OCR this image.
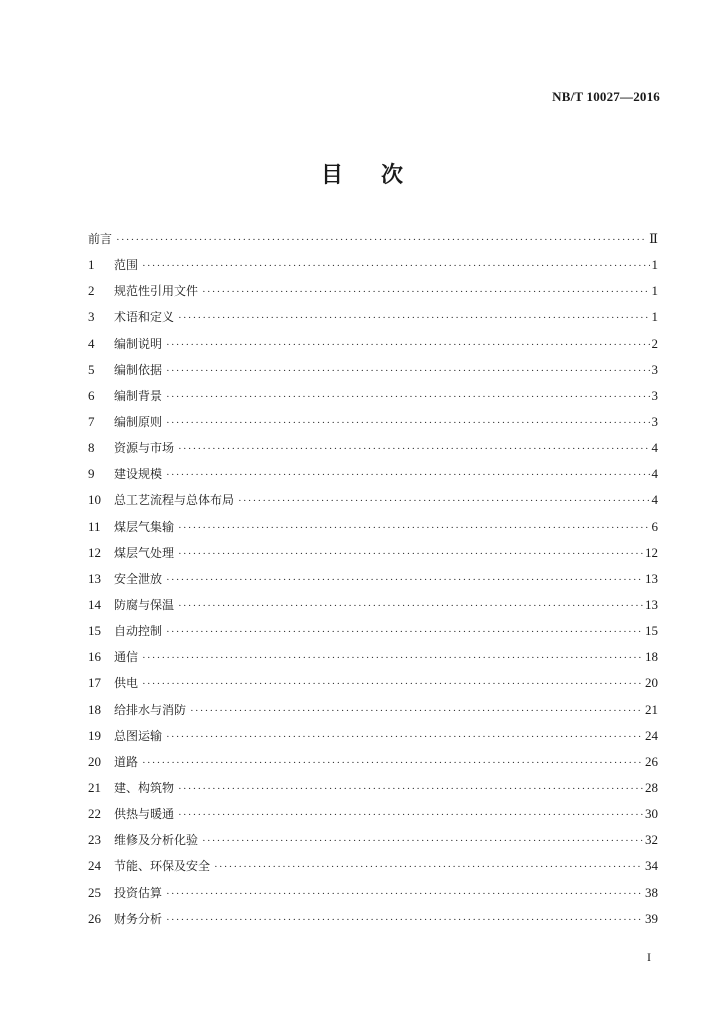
NB/T 10027—2016
目 次
前言 ·····	Ⅱ
1	范围 ·····	1
2	规范性引用文件 ·····	1
3	术语和定义 ·····	1
4	编制说明 ·····	2
5	编制依据 ·····	3
6	编制背景 ·····	3
7	编制原则 ·····	3
8	资源与市场 ·····	4
9	建设规模 ·····	4
10	总工艺流程与总体布局 ·····	4
11	煤层气集输 ·····	6
12	煤层气处理 ·····	12
13	安全泄放 ·····	13
14	防腐与保温 ·····	13
15	自动控制 ·····	15
16	通信 ·····	18
17	供电 ·····	20
18	给排水与消防 ·····	21
19	总图运输 ·····	24
20	道路 ·····	26
21	建、构筑物 ·····	28
22	供热与暖通 ·····	30
23	维修及分析化验 ·····	32
24	节能、环保及安全 ·····	34
25	投资估算 ·····	38
26	财务分析 ·····	39
I
